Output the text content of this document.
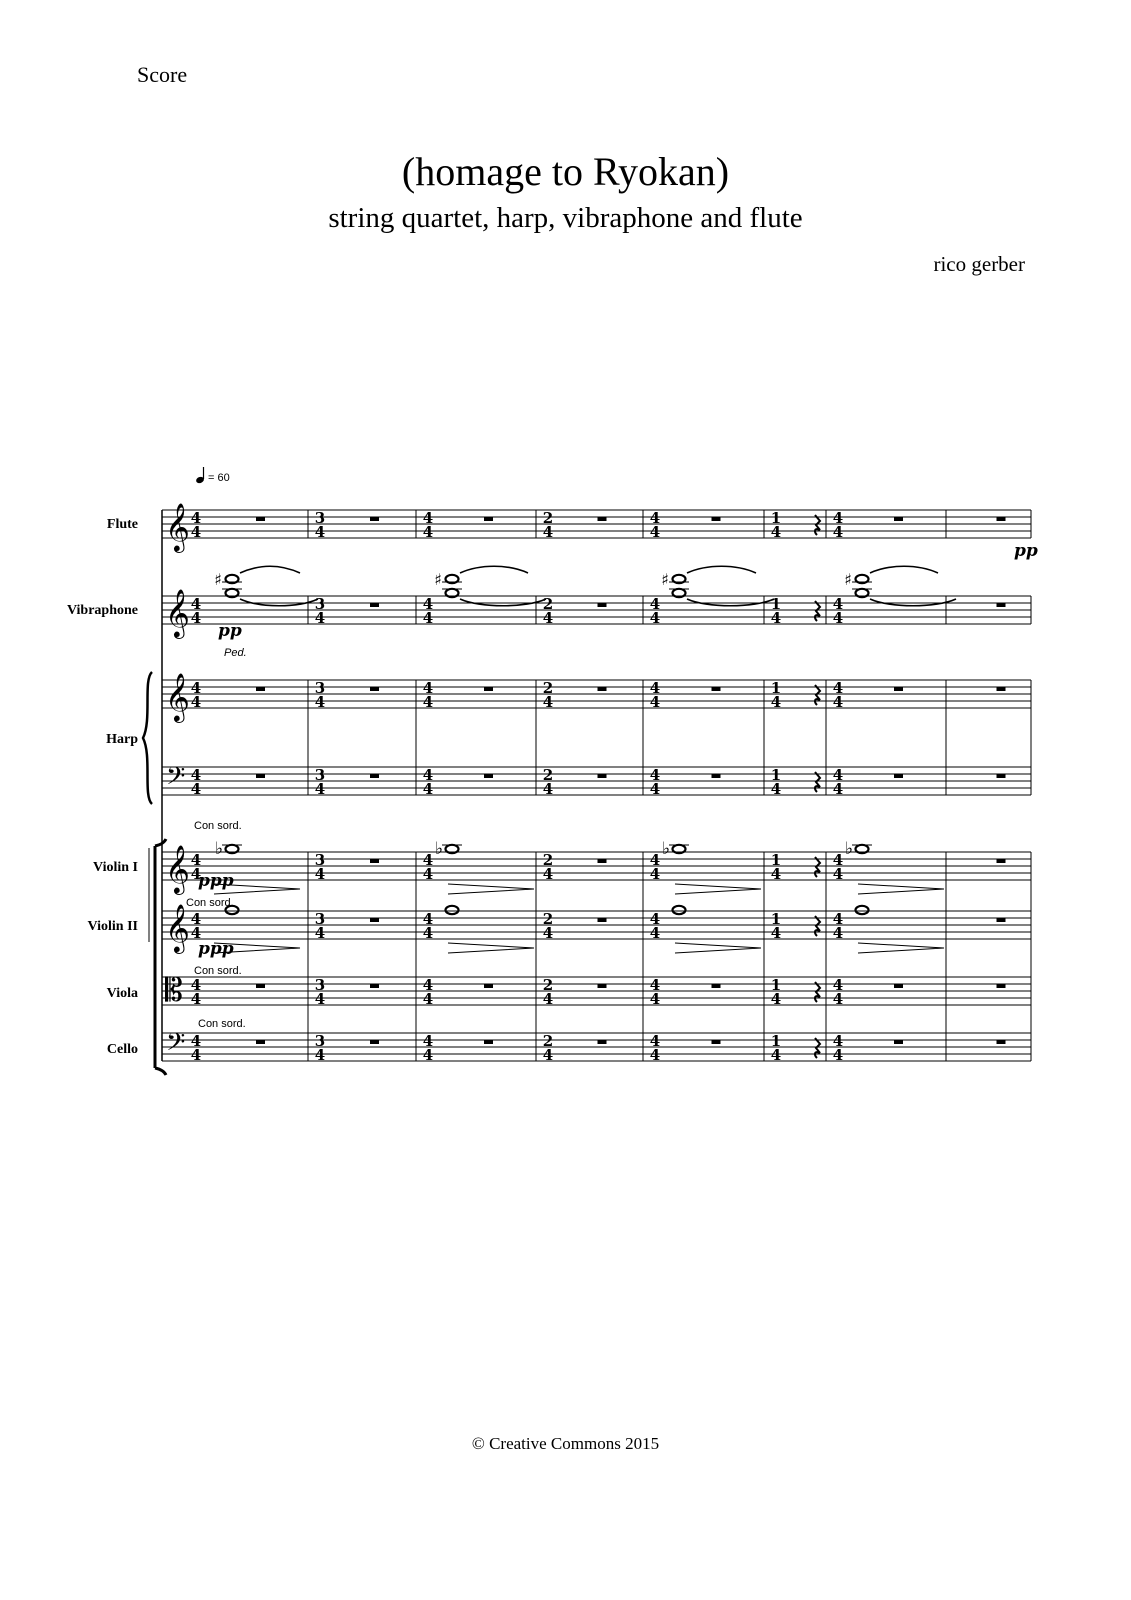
Score
(homage to Ryokan)
string quartet, harp, vibraphone and flute
rico gerber
© Creative Commons 2015
Flute
Vibraphone
Harp
Violin I
Violin II
Viola
Cello
𝄞
𝄞
𝄞
𝄢
𝄞
𝄞
𝄡
𝄢
4
4
4
4
4
4
4
4
4
4
4
4
4
4
4
4
3
4
3
4
3
4
3
4
3
4
3
4
3
4
3
4
4
4
4
4
4
4
4
4
4
4
4
4
4
4
4
4
2
4
2
4
2
4
2
4
2
4
2
4
2
4
2
4
4
4
4
4
4
4
4
4
4
4
4
4
4
4
4
4
1
4
1
4
1
4
1
4
1
4
1
4
1
4
1
4
4
4
4
4
4
4
4
4
4
4
4
4
4
4
4
4
♯	♯	♯	♯
♭	♭	♭	♭
= 60
pp
pp
Ped.
Con sord.
ppp
Con sord.
ppp
Con sord.
Con sord.
